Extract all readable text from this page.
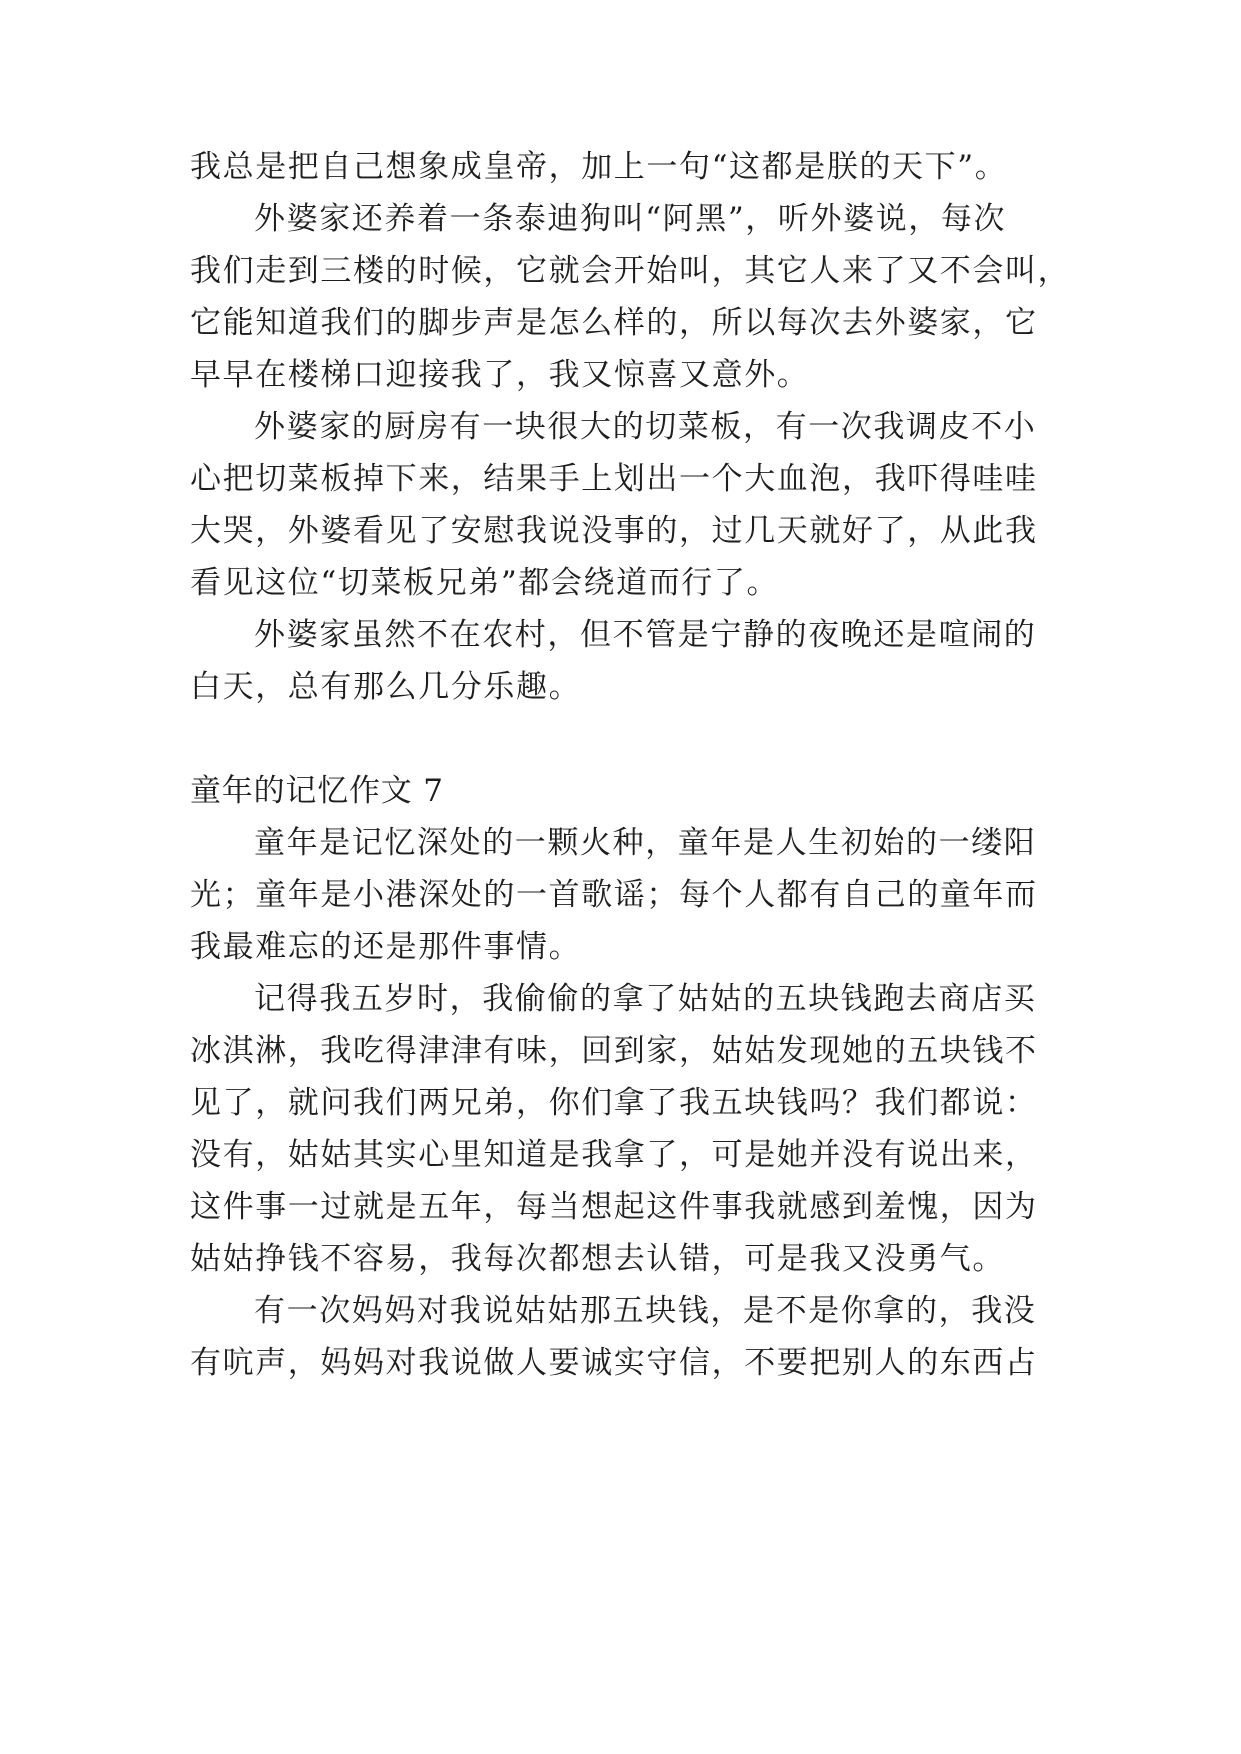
我总是把自己想象成皇帝，加上一句“这都是朕的天下”。
外婆家还养着一条泰迪狗叫“阿黑”，听外婆说，每次
我们走到三楼的时候，它就会开始叫，其它人来了又不会叫，
它能知道我们的脚步声是怎么样的，所以每次去外婆家，它
早早在楼梯口迎接我了，我又惊喜又意外。
外婆家的厨房有一块很大的切菜板，有一次我调皮不小
心把切菜板掉下来，结果手上划出一个大血泡，我吓得哇哇
大哭，外婆看见了安慰我说没事的，过几天就好了，从此我
看见这位“切菜板兄弟”都会绕道而行了。
外婆家虽然不在农村，但不管是宁静的夜晚还是喧闹的
白天，总有那么几分乐趣。
童年的记忆作文 7
童年是记忆深处的一颗火种，童年是人生初始的一缕阳
光；童年是小港深处的一首歌谣；每个人都有自己的童年而
我最难忘的还是那件事情。
记得我五岁时，我偷偷的拿了姑姑的五块钱跑去商店买
冰淇淋，我吃得津津有味，回到家，姑姑发现她的五块钱不
见了，就问我们两兄弟，你们拿了我五块钱吗？我们都说：
没有，姑姑其实心里知道是我拿了，可是她并没有说出来，
这件事一过就是五年，每当想起这件事我就感到羞愧，因为
姑姑挣钱不容易，我每次都想去认错，可是我又没勇气。
有一次妈妈对我说姑姑那五块钱，是不是你拿的，我没
有吭声，妈妈对我说做人要诚实守信，不要把别人的东西占
